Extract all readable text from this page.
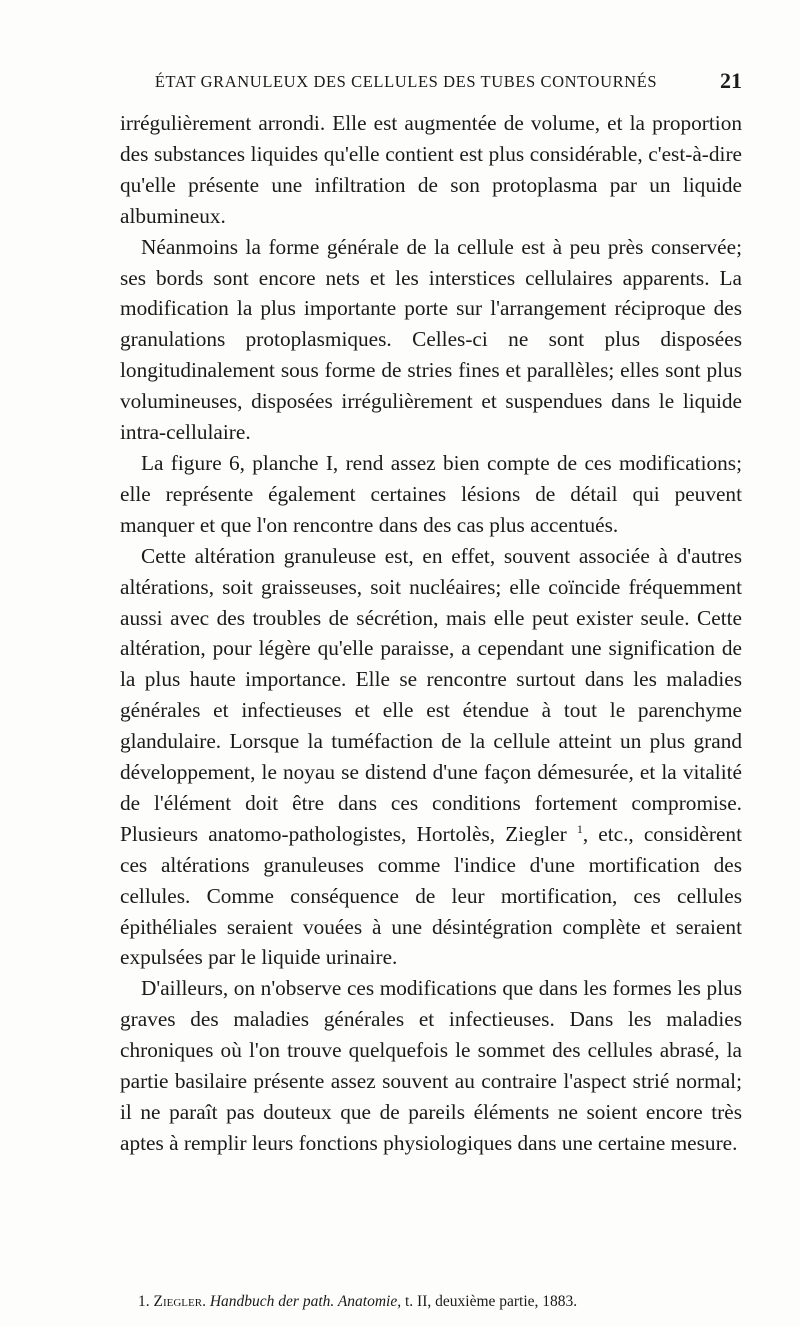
ÉTAT GRANULEUX DES CELLULES DES TUBES CONTOURNÉS	21

irrégulièrement arrondi. Elle est augmentée de volume, et la proportion des substances liquides qu'elle contient est plus considérable, c'est-à-dire qu'elle présente une infiltration de son protoplasma par un liquide albumineux.

Néanmoins la forme générale de la cellule est à peu près conservée; ses bords sont encore nets et les interstices cellulaires apparents. La modification la plus importante porte sur l'arrangement réciproque des granulations protoplasmiques. Celles-ci ne sont plus disposées longitudinalement sous forme de stries fines et parallèles; elles sont plus volumineuses, disposées irrégulièrement et suspendues dans le liquide intra-cellulaire.

La figure 6, planche I, rend assez bien compte de ces modifications; elle représente également certaines lésions de détail qui peuvent manquer et que l'on rencontre dans des cas plus accentués.

Cette altération granuleuse est, en effet, souvent associée à d'autres altérations, soit graisseuses, soit nucléaires; elle coïncide fréquemment aussi avec des troubles de sécrétion, mais elle peut exister seule. Cette altération, pour légère qu'elle paraisse, a cependant une signification de la plus haute importance. Elle se rencontre surtout dans les maladies générales et infectieuses et elle est étendue à tout le parenchyme glandulaire. Lorsque la tuméfaction de la cellule atteint un plus grand développement, le noyau se distend d'une façon démesurée, et la vitalité de l'élément doit être dans ces conditions fortement compromise. Plusieurs anatomo-pathologistes, Hortolès, Ziegler $^1$, etc., considèrent ces altérations granuleuses comme l'indice d'une mortification des cellules. Comme conséquence de leur mortification, ces cellules épithéliales seraient vouées à une désintégration complète et seraient expulsées par le liquide urinaire.

D'ailleurs, on n'observe ces modifications que dans les formes les plus graves des maladies générales et infectieuses. Dans les maladies chroniques où l'on trouve quelquefois le sommet des cellules abrasé, la partie basilaire présente assez souvent au contraire l'aspect strié normal; il ne paraît pas douteux que de pareils éléments ne soient encore très aptes à remplir leurs fonctions physiologiques dans une certaine mesure.

1. Ziegler. Handbuch der path. Anatomie, t. II, deuxième partie, 1883.
